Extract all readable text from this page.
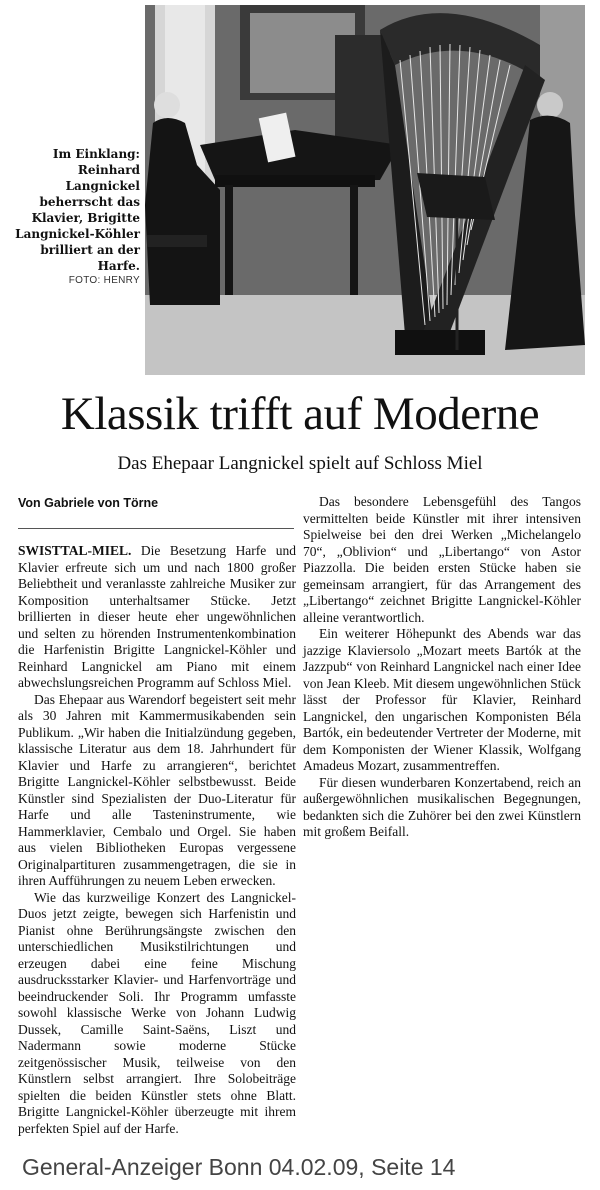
Im Einklang: Reinhard Langnickel beherrscht das Klavier, Brigitte Langnickel-Köhler brilliert an der Harfe.

FOTO: HENRY
Klassik trifft auf Moderne
Das Ehepaar Langnickel spielt auf Schloss Miel
Von Gabriele von Törne

SWISTTAL-MIEL. Die Besetzung Harfe und Klavier erfreute sich um und nach 1800 großer Beliebtheit und veranlasste zahlreiche Musiker zur Komposition unterhaltsamer Stücke. Jetzt brillierten in dieser heute eher ungewöhnlichen und selten zu hörenden Instrumentenkombination die Harfenistin Brigitte Langnickel-Köhler und Reinhard Langnickel am Piano mit einem abwechslungsreichen Programm auf Schloss Miel.

Das Ehepaar aus Warendorf begeistert seit mehr als 30 Jahren mit Kammermusikabenden sein Publikum. „Wir haben die Initialzündung gegeben, klassische Literatur aus dem 18. Jahrhundert für Klavier und Harfe zu arrangieren“, berichtet Brigitte Langnickel-Köhler selbstbewusst. Beide Künstler sind Spezialisten der Duo-Literatur für Harfe und alle Tasteninstrumente, wie Hammerklavier, Cembalo und Orgel. Sie haben aus vielen Bibliotheken Europas vergessene Originalpartituren zusammengetragen, die sie in ihren Aufführungen zu neuem Leben erwecken.

Wie das kurzweilige Konzert des Langnickel-Duos jetzt zeigte, bewegen sich Harfenistin und Pianist ohne Berührungsängste zwischen den unterschiedlichen Musikstilrichtungen und erzeugen dabei eine feine Mischung ausdrucksstarker Klavier- und Harfenvorträge und beeindruckender Soli. Ihr Programm umfasste sowohl klassische Werke von Johann Ludwig Dussek, Camille Saint-Saëns, Liszt und Nadermann sowie moderne Stücke zeitgenössischer Musik, teilweise von den Künstlern selbst arrangiert. Ihre Solobeiträge spielten die beiden Künstler stets ohne Blatt. Brigitte Langnickel-Köhler überzeugte mit ihrem perfekten Spiel auf der Harfe.

Das besondere Lebensgefühl des Tangos vermittelten beide Künstler mit ihrer intensiven Spielweise bei den drei Werken „Michelangelo 70“, „Oblivion“ und „Libertango“ von Astor Piazzolla. Die beiden ersten Stücke haben sie gemeinsam arrangiert, für das Arrangement des „Libertango“ zeichnet Brigitte Langnickel-Köhler alleine verantwortlich.

Ein weiterer Höhepunkt des Abends war das jazzige Klaviersolo „Mozart meets Bartók at the Jazzpub“ von Reinhard Langnickel nach einer Idee von Jean Kleeb. Mit diesem ungewöhnlichen Stück lässt der Professor für Klavier, Reinhard Langnickel, den ungarischen Komponisten Béla Bartók, ein bedeutender Vertreter der Moderne, mit dem Komponisten der Wiener Klassik, Wolfgang Amadeus Mozart, zusammentreffen.

Für diesen wunderbaren Konzertabend, reich an außergewöhnlichen musikalischen Begegnungen, bedankten sich die Zuhörer bei den zwei Künstlern mit großem Beifall.

General-Anzeiger Bonn 04.02.09, Seite 14
